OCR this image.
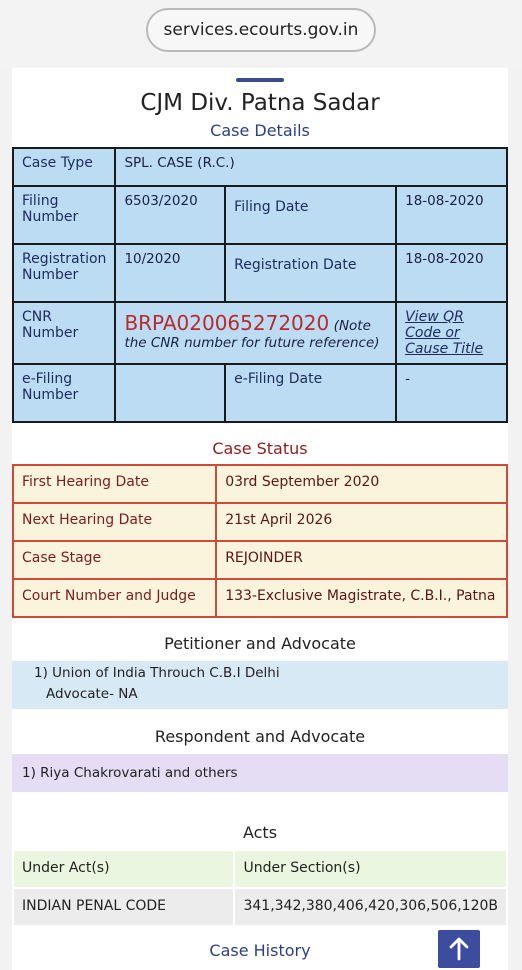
services.ecourts.gov.in
CJM Div. Patna Sadar
Case Details
Case Type	SPL. CASE (R.C.)		
Filing Number	6503/2020	Filing Date	18-08-2020
Registration Number	10/2020	Registration Date	18-08-2020
CNR Number	BRPA020065272020 (Note the CNR number for future reference)		View QR Code or Cause Title
e-Filing Number		e-Filing Date	-
Case Status
First Hearing Date	03rd September 2020
Next Hearing Date	21st April 2026
Case Stage	REJOINDER
Court Number and Judge	133-Exclusive Magistrate, C.B.I., Patna
Petitioner and Advocate
1) Union of India Throuch C.B.I Delhi
Advocate- NA
Respondent and Advocate
1) Riya Chakrovarati and others
Acts
Under Act(s)	Under Section(s)
INDIAN PENAL CODE	341,342,380,406,420,306,506,120B
Case History
